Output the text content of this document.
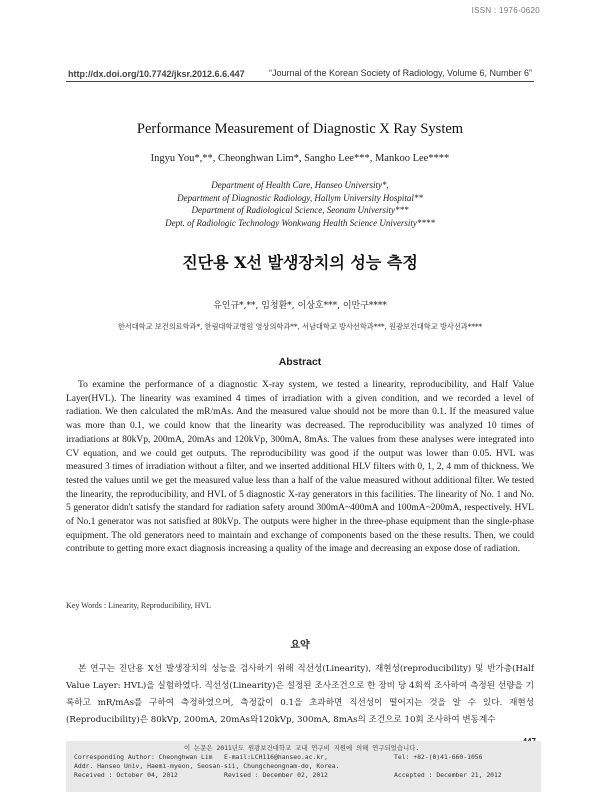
ISSN : 1976-0620
http://dx.doi.org/10.7742/jksr.2012.6.6.447	“Journal of the Korean Society of Radiology, Volume 6, Number 6”
Performance Measurement of Diagnostic X Ray System
Ingyu You*,**, Cheonghwan Lim*, Sangho Lee***, Mankoo Lee****
Department of Health Care, Hanseo University*,
Department of Diagnostic Radiology, Hallym University Hospital**
Department of Radiological Science, Seonam University***
Dept. of Radiologic Technology Wonkwang Health Science University****
진단용 X선 발생장치의 성능 측정
유인규*,**, 임청환*, 이상호***, 이만구****
한서대학교 보건의료학과*, 한림대학교병원 영상의학과**, 서남대학교 방사선학과***, 원광보건대학교 방사선과****
Abstract

To examine the performance of a diagnostic X-ray system, we tested a linearity, reproducibility, and Half Value Layer(HVL). The linearity was examined 4 times of irradiation with a given condition, and we recorded a level of radiation. We then calculated the mR/mAs. And the measured value should not be more than 0.1. If the measured value was more than 0.1, we could know that the linearity was decreased. The reproducibility was analyzed 10 times of irradiations at 80kVp, 200mA, 20mAs and 120kVp, 300mA, 8mAs. The values from these analyses were integrated into CV equation, and we could get outputs. The reproducibility was good if the output was lower than 0.05. HVL was measured 3 times of irradiation without a filter, and we inserted additional HLV filters with 0, 1, 2, 4 mm of thickness. We tested the values until we get the measured value less than a half of the value measured without additional filter. We tested the linearity, the reproducibility, and HVL of 5 diagnostic X-ray generators in this facilities. The linearity of No. 1 and No. 5 generator didn't satisfy the standard for radiation safety around 300mA~400mA and 100mA~200mA, respectively. HVL of No.1 generator was not satisfied at 80kVp. The outputs were higher in the three-phase equipment than the single-phase equipment. The old generators need to maintain and exchange of components based on the these results. Then, we could contribute to getting more exact diagnosis increasing a quality of the image and decreasing an expose dose of radiation.

Key Words : Linearity, Reproducibility, HVL
요약

본 연구는 진단용 X선 발생장치의 성능을 검사하기 위해 직선성(Linearity), 재현성(reproducibility) 및 반가층(Half Value Layer: HVL)을 실험하였다. 직선성(Linearity)은 설정된 조사조건으로 한 장비 당 4회씩 조사하여 측정된 선량을 기록하고 mR/mAs를 구하여 측정하였으며, 측정값이 0.1을 초과하면 직선성이 떨어지는 것을 알 수 있다. 재현성(Reproducibility)은 80kVp, 200mA, 20mAs와120kVp, 300mA, 8mAs의 조건으로 10회 조사하여 변동계수

이 논문은 2011년도 원광보건대학교 교내 연구비 지원에 의해 연구되었습니다.
Corresponding Author: Cheonghwan Lim	E-mail:LCH116@hanseo.ac.kr,	Tel: +82-(0)41-660-1056
Addr. Hanseo Univ, Haemi-myeon, Seosan-sii, Chungcheongnam-do, Korea.
Received : October 04, 2012	Revised : December 02, 2012	Accepted : December 21, 2012
